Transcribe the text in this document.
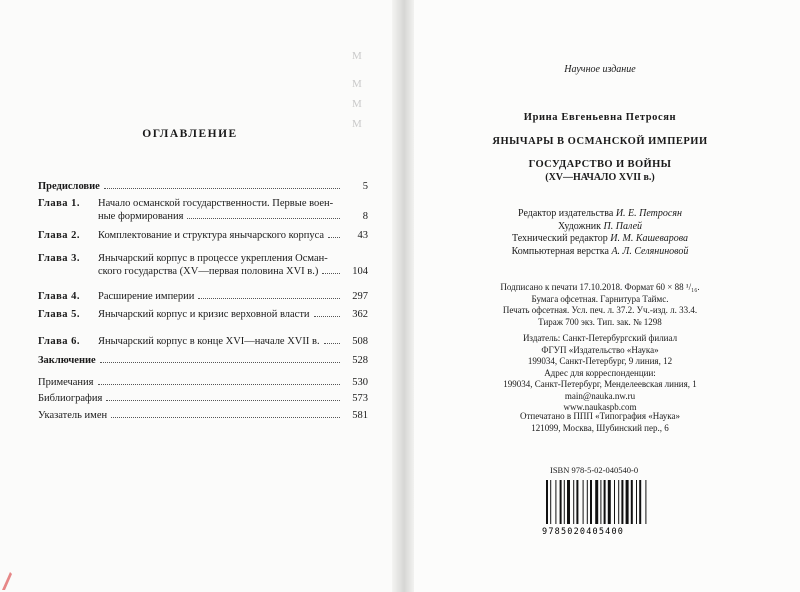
М
М
М
М
ОГЛАВЛЕНИЕ
Предисловие	5
Глава 1.	Начало османской государственности. Первые воен-
ные формирования	8
Глава 2.	Комплектование и структура янычарского корпуса	43
Глава 3.	Янычарский корпус в процессе укрепления Осман-
ского государства (XV—первая половина XVI в.)	104
Глава 4.	Расширение империи	297
Глава 5.	Янычарский корпус и кризис верховной власти	362
Глава 6.	Янычарский корпус в конце XVI—начале XVII в.	508
Заключение	528
Примечания	530
Библиография	573
Указатель имен	581
Научное издание
Ирина Евгеньевна Петросян
ЯНЫЧАРЫ В ОСМАНСКОЙ ИМПЕРИИ
ГОСУДАРСТВО И ВОЙНЫ
(XV—НАЧАЛО XVII в.)
Редактор издательства И. Е. Петросян
Художник П. Палей
Технический редактор И. М. Кашеварова
Компьютерная верстка А. Л. Селяниновой
Подписано к печати 17.10.2018. Формат 60 × 88 ¹/₁₆.
Бумага офсетная. Гарнитура Таймс.
Печать офсетная. Усл. печ. л. 37.2. Уч.-изд. л. 33.4.
Тираж 700 экз. Тип. зак. № 1298
Издатель: Санкт-Петербургский филиал
ФГУП «Издательство «Наука»
199034, Санкт-Петербург, 9 линия, 12
Адрес для корреспонденции:
199034, Санкт-Петербург, Менделеевская линия, 1
main@nauka.nw.ru
www.naukaspb.com
Отпечатано в ППП «Типография «Наука»
121099, Москва, Шубинский пер., 6
ISBN 978-5-02-040540-0
9785020405400
